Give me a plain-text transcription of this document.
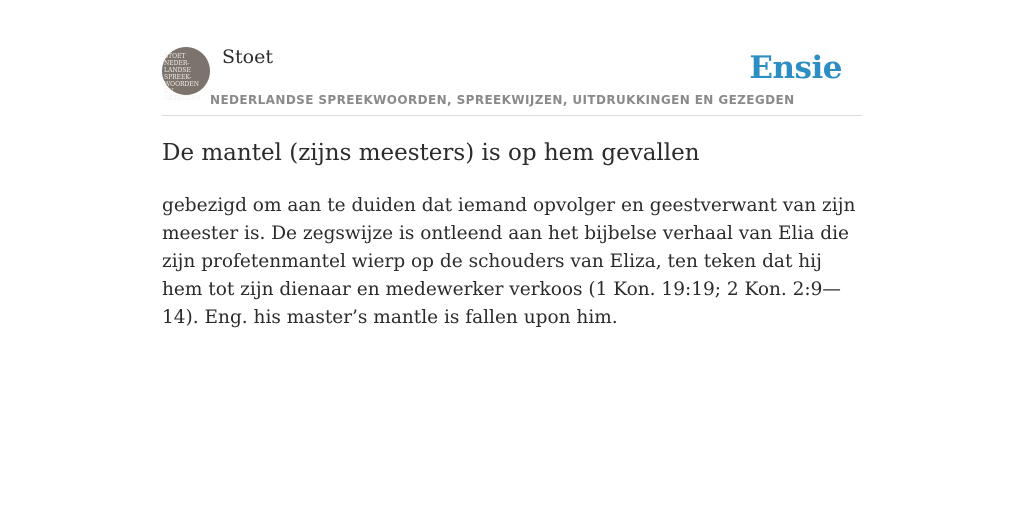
STOET
NEDER-
LANDSE
SPREEK-
WOORDEN EN
GEZEGDEN
Stoet
NEDERLANDSE SPREEKWOORDEN, SPREEKWIJZEN, UITDRUKKINGEN EN GEZEGDEN
Ensie
De mantel (zijns meesters) is op hem gevallen

gebezigd om aan te duiden dat iemand opvolger en geestverwant van zijn meester is. De zegswijze is ontleend aan het bijbelse verhaal van Elia die zijn profetenmantel wierp op de schouders van Eliza, ten teken dat hij hem tot zijn dienaar en medewerker verkoos (1 Kon. 19:19; 2 Kon. 2:9—14). Eng. his master’s mantle is fallen upon him.
